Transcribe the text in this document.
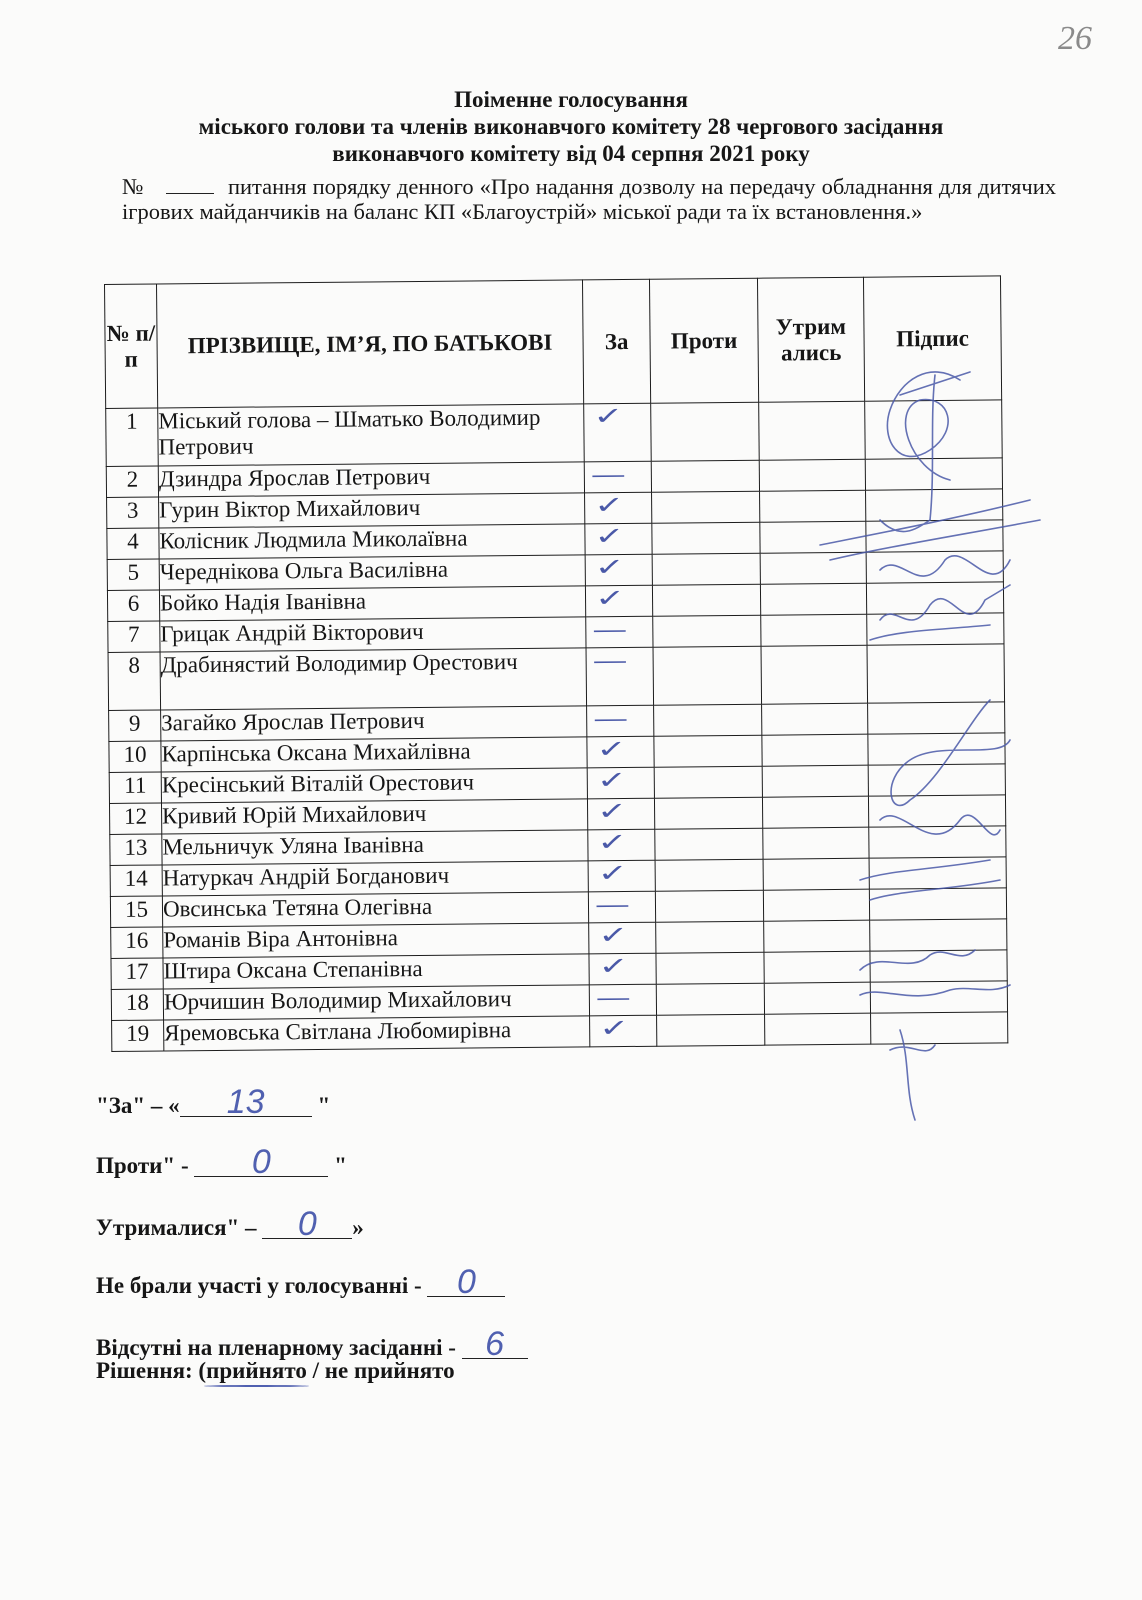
26
Поіменне голосування
міського голови та членів виконавчого комітету 28 чергового засідання
виконавчого комітету від 04 серпня 2021 року
№	питання порядку денного «Про надання дозволу на передачу обладнання для дитячих ігрових майданчиків на баланс КП «Благоустрій» міської ради та їх встановлення.»
№ п/п	ПРІЗВИЩЕ, ІМ’Я, ПО БАТЬКОВІ	За	Проти	Утрим ались	Підпис
1	Міський голова – Шматько Володимир Петрович	✓			
2	Дзиндра Ярослав Петрович	—			
3	Гурин Віктор Михайлович	✓			
4	Колісник Людмила Миколаївна	✓			
5	Череднікова Ольга Василівна	✓			
6	Бойко Надія Іванівна	✓			
7	Грицак Андрій Вікторович	—			
8	Драбинястий Володимир Орестович	—			
9	Загайко Ярослав Петрович	—			
10	Карпінська Оксана Михайлівна	✓			
11	Кресінський Віталій Орестович	✓			
12	Кривий Юрій Михайлович	✓			
13	Мельничук Уляна Іванівна	✓			
14	Натуркач Андрій Богданович	✓			
15	Овсинська Тетяна Олегівна	—			
16	Романів Віра Антонівна	✓			
17	Штира Оксана Степанівна	✓			
18	Юрчишин Володимир Михайлович	—			
19	Яремовська Світлана Любомирівна	✓			
"За" – « 13 "
Проти" - 0	"
Утрималися" – 0 »
Не брали участі у голосуванні - 0
Відсутні на пленарному засіданні - 6
Рішення: (прийнято / не прийнято
